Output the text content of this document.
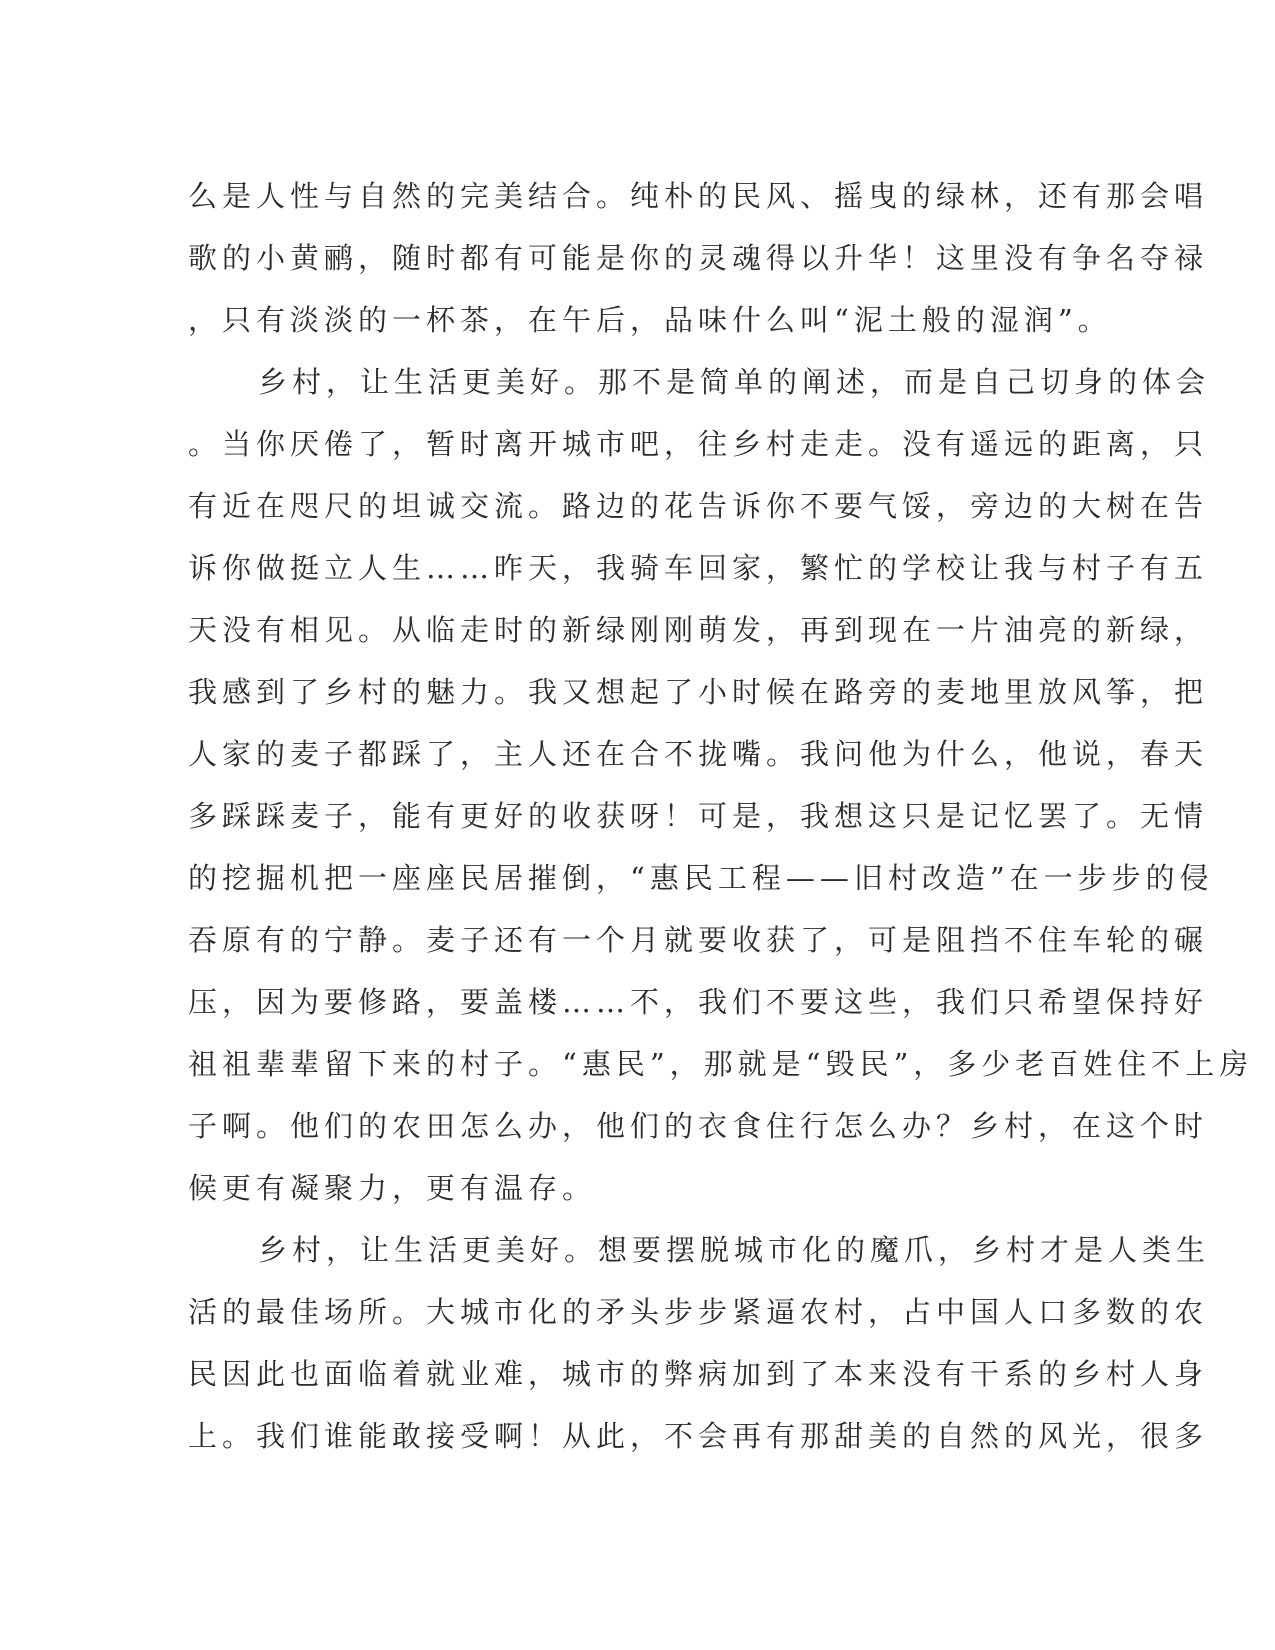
么是人性与自然的完美结合。纯朴的民风、摇曳的绿林，还有那会唱
歌的小黄鹂，随时都有可能是你的灵魂得以升华！这里没有争名夺禄
，只有淡淡的一杯茶，在午后，品味什么叫“泥土般的湿润”。
乡村，让生活更美好。那不是简单的阐述，而是自己切身的体会
。当你厌倦了，暂时离开城市吧，往乡村走走。没有遥远的距离，只
有近在咫尺的坦诚交流。路边的花告诉你不要气馁，旁边的大树在告
诉你做挺立人生……昨天，我骑车回家，繁忙的学校让我与村子有五
天没有相见。从临走时的新绿刚刚萌发，再到现在一片油亮的新绿，
我感到了乡村的魅力。我又想起了小时候在路旁的麦地里放风筝，把
人家的麦子都踩了，主人还在合不拢嘴。我问他为什么，他说，春天
多踩踩麦子，能有更好的收获呀！可是，我想这只是记忆罢了。无情
的挖掘机把一座座民居摧倒，“惠民工程——旧村改造”在一步步的侵
吞原有的宁静。麦子还有一个月就要收获了，可是阻挡不住车轮的碾
压，因为要修路，要盖楼……不，我们不要这些，我们只希望保持好
祖祖辈辈留下来的村子。“惠民”，那就是“毁民”，多少老百姓住不上房
子啊。他们的农田怎么办，他们的衣食住行怎么办？乡村，在这个时
候更有凝聚力，更有温存。
乡村，让生活更美好。想要摆脱城市化的魔爪，乡村才是人类生
活的最佳场所。大城市化的矛头步步紧逼农村，占中国人口多数的农
民因此也面临着就业难，城市的弊病加到了本来没有干系的乡村人身
上。我们谁能敢接受啊！从此，不会再有那甜美的自然的风光，很多
